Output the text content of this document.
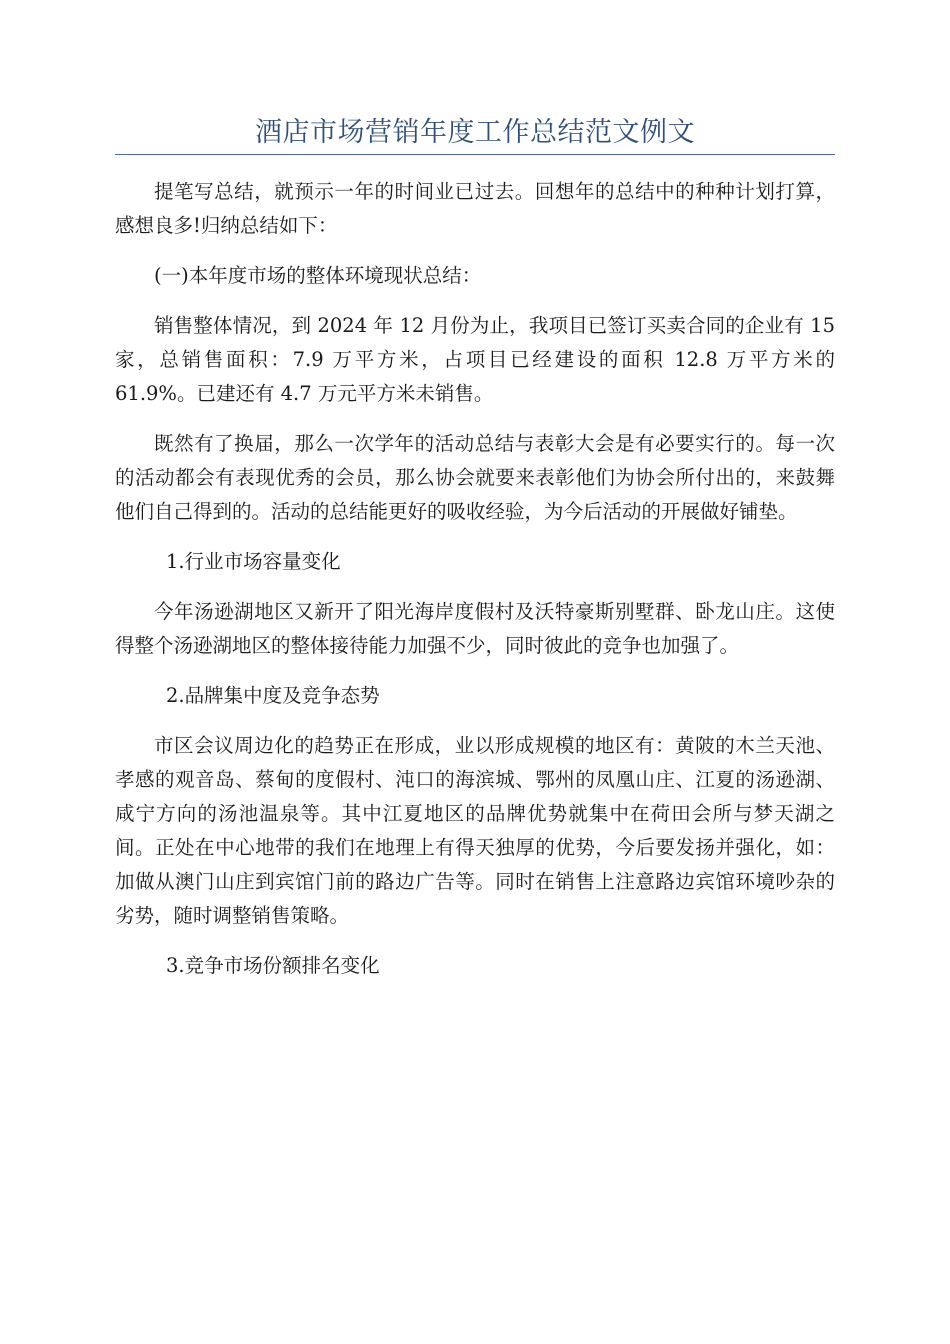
酒店市场营销年度工作总结范文例文

提笔写总结，就预示一年的时间业已过去。回想年的总结中的种种计划打算，感想良多!归纳总结如下：

(一)本年度市场的整体环境现状总结：

销售整体情况，到 2024 年 12 月份为止，我项目已签订买卖合同的企业有 15 家，总销售面积：7.9 万平方米，占项目已经建设的面积 12.8 万平方米的 61.9%。已建还有 4.7 万元平方米未销售。

既然有了换届，那么一次学年的活动总结与表彰大会是有必要实行的。每一次的活动都会有表现优秀的会员，那么协会就要来表彰他们为协会所付出的，来鼓舞他们自己得到的。活动的总结能更好的吸收经验，为今后活动的开展做好铺垫。

1.行业市场容量变化

今年汤逊湖地区又新开了阳光海岸度假村及沃特豪斯别墅群、卧龙山庄。这使得整个汤逊湖地区的整体接待能力加强不少，同时彼此的竞争也加强了。

2.品牌集中度及竞争态势

市区会议周边化的趋势正在形成，业以形成规模的地区有：黄陂的木兰天池、孝感的观音岛、蔡甸的度假村、沌口的海滨城、鄂州的凤凰山庄、江夏的汤逊湖、咸宁方向的汤池温泉等。其中江夏地区的品牌优势就集中在荷田会所与梦天湖之间。正处在中心地带的我们在地理上有得天独厚的优势，今后要发扬并强化，如：加做从澳门山庄到宾馆门前的路边广告等。同时在销售上注意路边宾馆环境吵杂的劣势，随时调整销售策略。

3.竞争市场份额排名变化
